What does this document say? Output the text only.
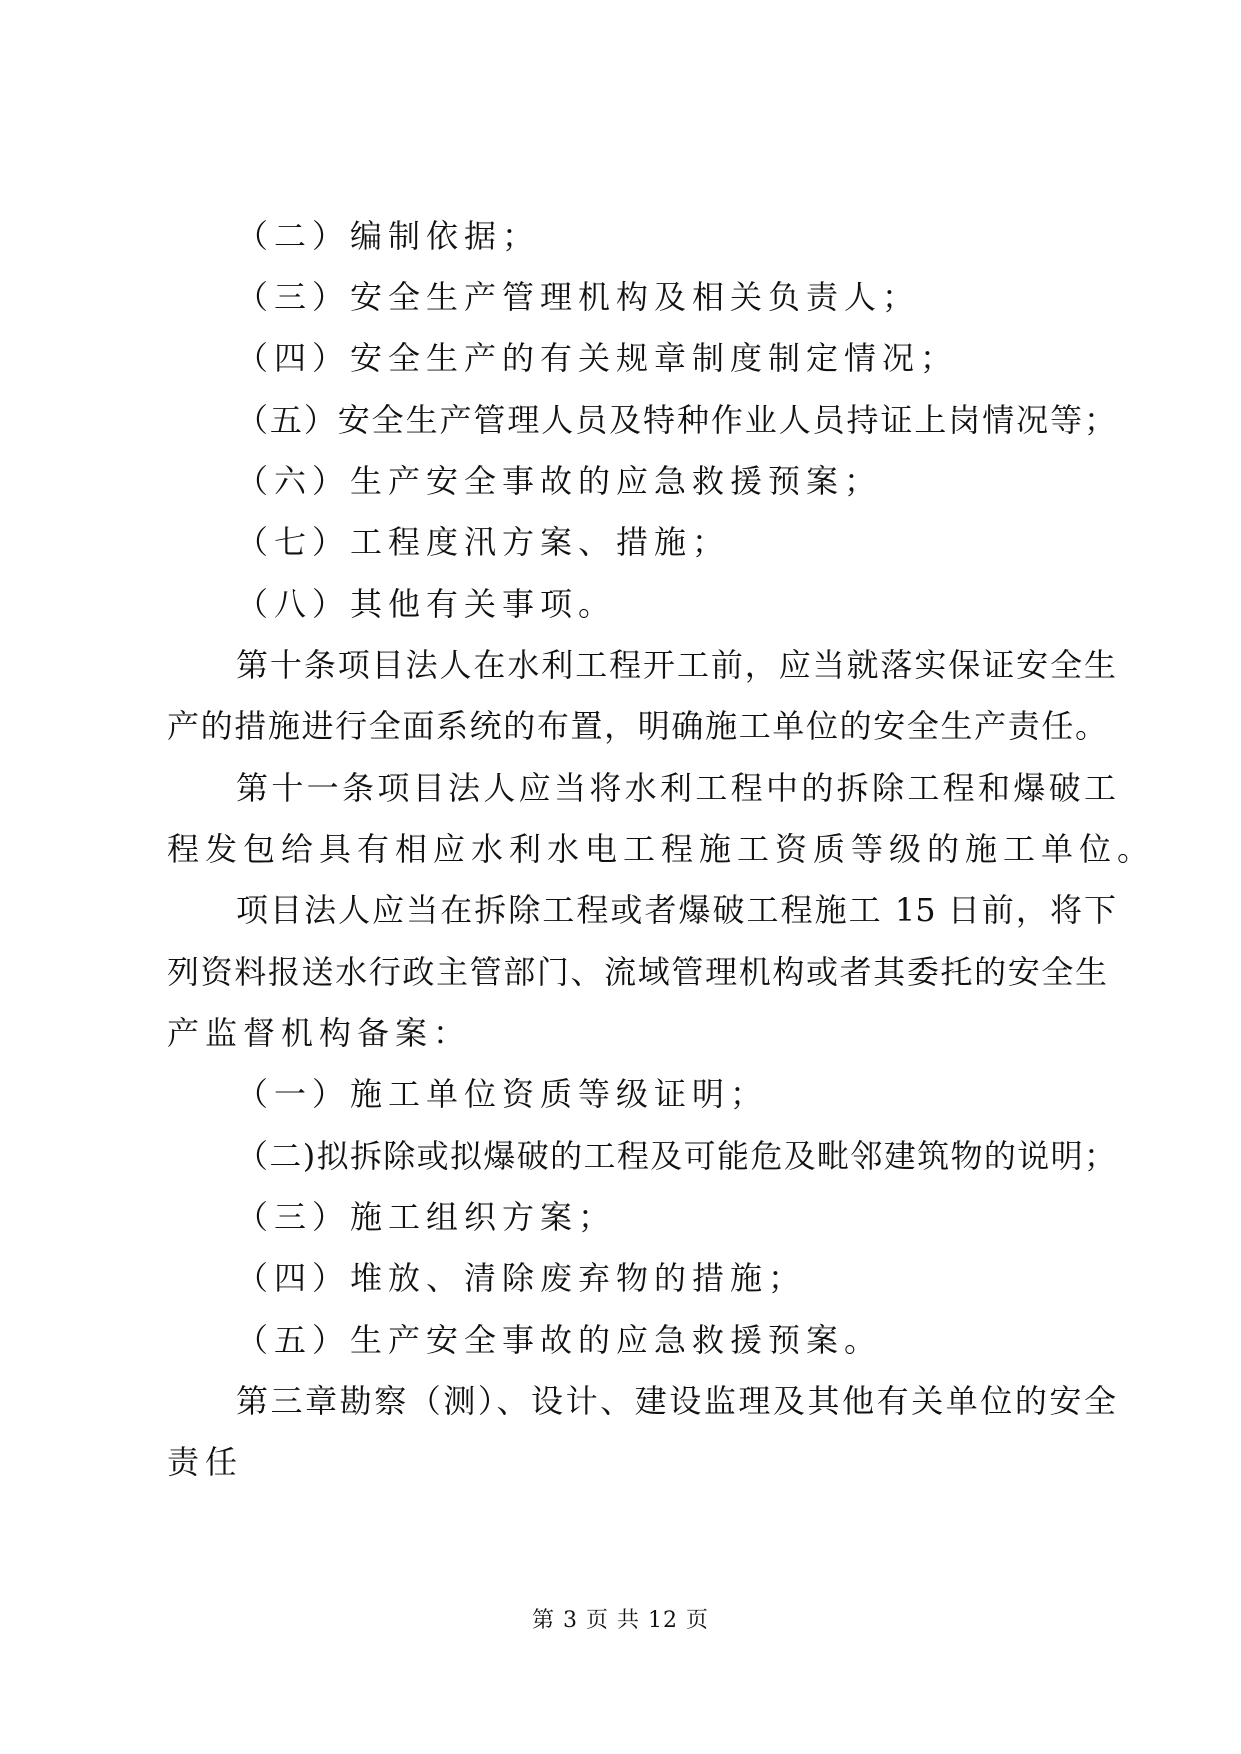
（二）编制依据；

（三）安全生产管理机构及相关负责人；

（四）安全生产的有关规章制度制定情况；

（五）安全生产管理人员及特种作业人员持证上岗情况等；

（六）生产安全事故的应急救援预案；

（七）工程度汛方案、措施；

（八）其他有关事项。

第十条项目法人在水利工程开工前，应当就落实保证安全生

产的措施进行全面系统的布置，明确施工单位的安全生产责任。

第十一条项目法人应当将水利工程中的拆除工程和爆破工

程发包给具有相应水利水电工程施工资质等级的施工单位。

项目法人应当在拆除工程或者爆破工程施工 15 日前，将下

列资料报送水行政主管部门、流域管理机构或者其委托的安全生

产监督机构备案：

（一）施工单位资质等级证明；

（二)拟拆除或拟爆破的工程及可能危及毗邻建筑物的说明；

（三）施工组织方案；

（四）堆放、清除废弃物的措施；

（五）生产安全事故的应急救援预案。

第三章勘察（测）、设计、建设监理及其他有关单位的安全

责任

第 3 页 共 12 页
